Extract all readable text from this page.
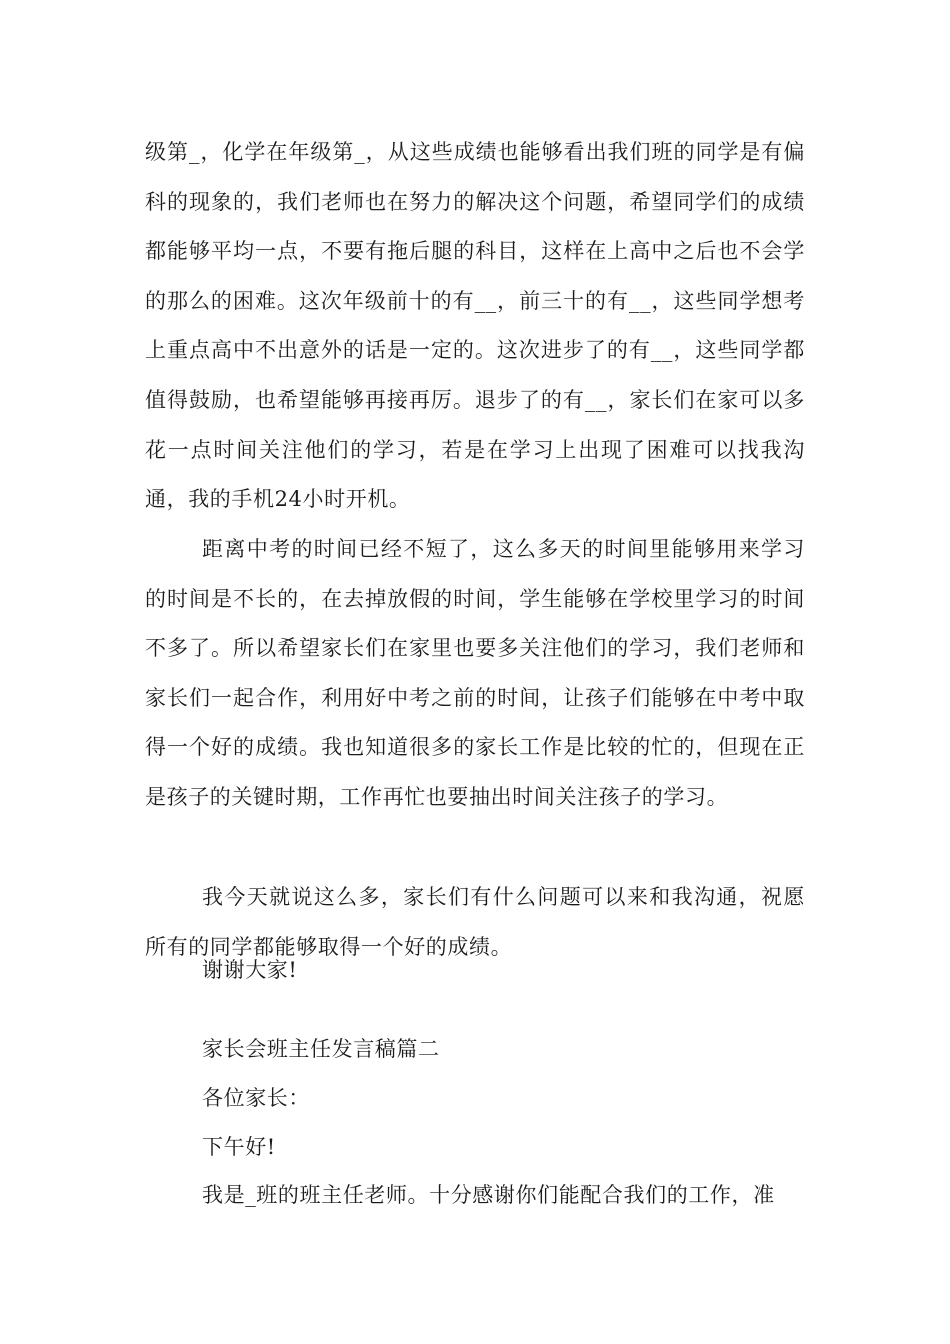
级第_，化学在年级第_，从这些成绩也能够看出我们班的同学是有偏科的现象的，我们老师也在努力的解决这个问题，希望同学们的成绩都能够平均一点，不要有拖后腿的科目，这样在上高中之后也不会学的那么的困难。这次年级前十的有__，前三十的有__，这些同学想考上重点高中不出意外的话是一定的。这次进步了的有__，这些同学都值得鼓励，也希望能够再接再厉。退步了的有__，家长们在家可以多花一点时间关注他们的学习，若是在学习上出现了困难可以找我沟通，我的手机24小时开机。

距离中考的时间已经不短了，这么多天的时间里能够用来学习的时间是不长的，在去掉放假的时间，学生能够在学校里学习的时间不多了。所以希望家长们在家里也要多关注他们的学习，我们老师和家长们一起合作，利用好中考之前的时间，让孩子们能够在中考中取得一个好的成绩。我也知道很多的家长工作是比较的忙的，但现在正是孩子的关键时期，工作再忙也要抽出时间关注孩子的学习。

我今天就说这么多，家长们有什么问题可以来和我沟通，祝愿所有的同学都能够取得一个好的成绩。

谢谢大家!

家长会班主任发言稿篇二

各位家长：

下午好!

我是_班的班主任老师。十分感谢你们能配合我们的工作，准
